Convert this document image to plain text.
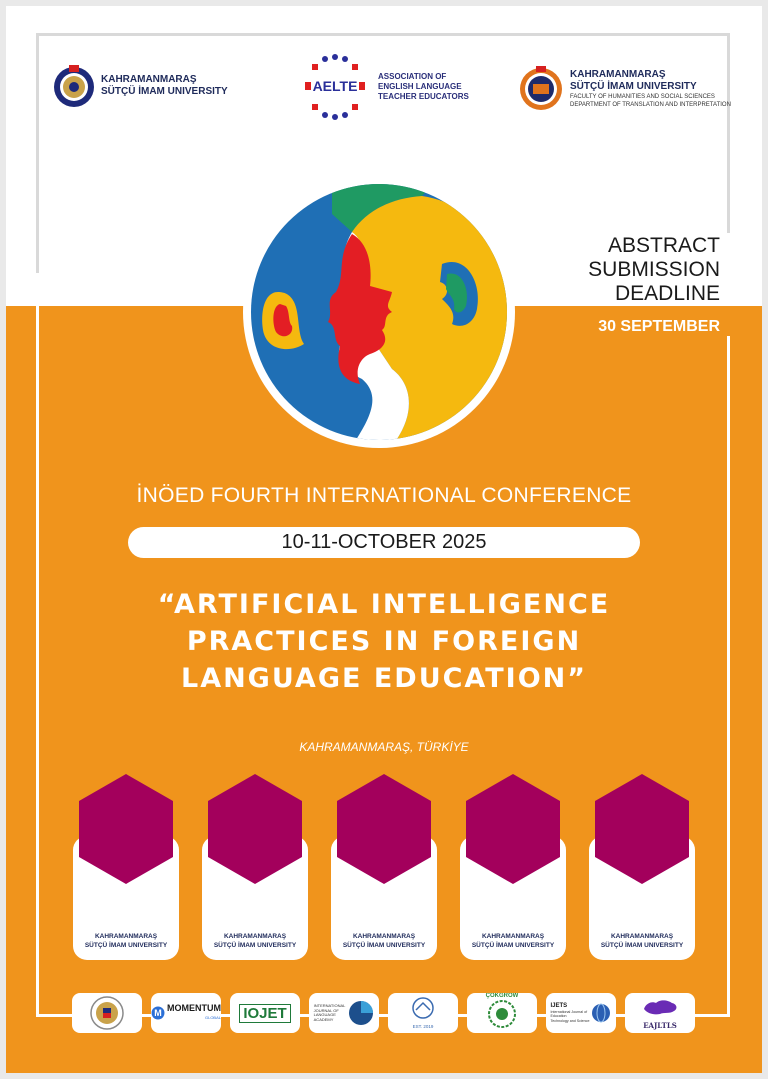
KAHRAMANMARAŞ
SÜTÇÜ İMAM UNIVERSITY	AELTE
ASSOCIATION OF
ENGLISH LANGUAGE
TEACHER EDUCATORS
KAHRAMANMARAŞ
SÜTÇÜ İMAM UNIVERSITY
FACULTY OF HUMANITIES AND SOCIAL SCIENCES
DEPARTMENT OF TRANSLATION AND INTERPRETATION
ABSTRACT
SUBMISSION
DEADLINE
30 SEPTEMBER
İNÖED FOURTH INTERNATIONAL CONFERENCE
10-11-OCTOBER 2025
“ARTIFICIAL INTELLIGENCE
PRACTICES IN FOREIGN
LANGUAGE EDUCATION”
KAHRAMANMARAŞ, TÜRKİYE
KAHRAMANMARAŞ
SÜTÇÜ İMAM UNIVERSITY
KAHRAMANMARAŞ
SÜTÇÜ İMAM UNIVERSITY
KAHRAMANMARAŞ
SÜTÇÜ İMAM UNIVERSITY
KAHRAMANMARAŞ
SÜTÇÜ İMAM UNIVERSITY
KAHRAMANMARAŞ
SÜTÇÜ İMAM UNIVERSITY
M MOMENTUM
GLOBAL IOJET	INTERNATIONAL
JOURNAL OF
LANGUAGE
ACADEMY
EST. 2019
ÇOKGROW
IJETS
International Journal of
Education
Technology and Science	EAJLTLS
